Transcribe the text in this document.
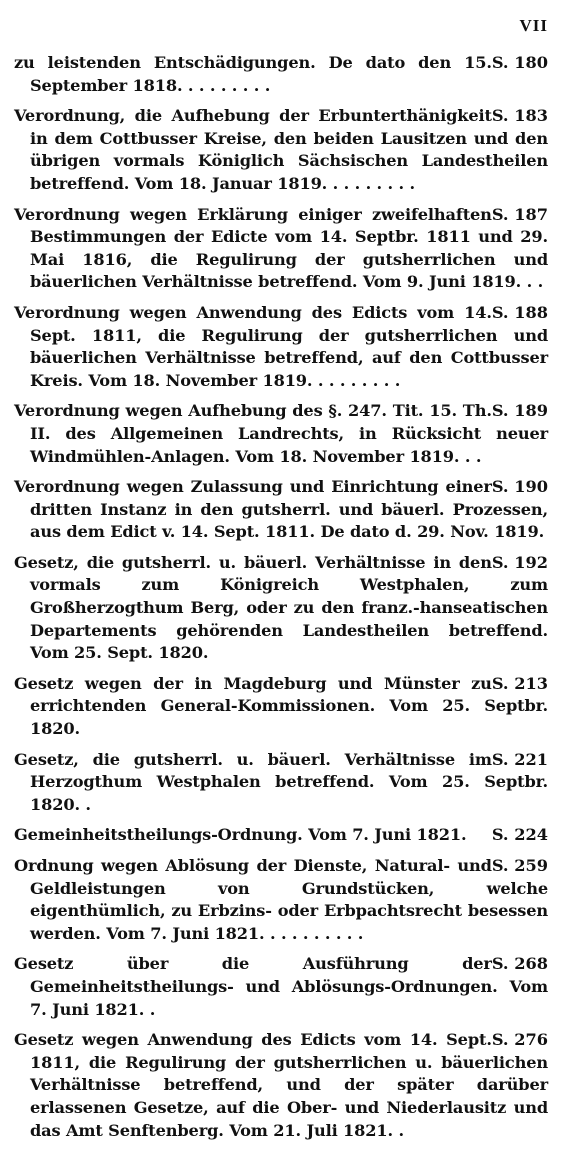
VII
S. 180
zu leistenden Entschädigungen. De dato den 15. September 1818. . . . . . . . .
S. 183
Verordnung, die Aufhebung der Erbunterthänigkeit in dem Cottbusser Kreise, den beiden Lausitzen und den übrigen vormals Königlich Sächsischen Landestheilen betreffend. Vom 18. Januar 1819. . . . . . . . .
S. 187
Verordnung wegen Erklärung einiger zweifelhaften Bestimmungen der Edicte vom 14. Septbr. 1811 und 29. Mai 1816, die Regulirung der gutsherrlichen und bäuerlichen Verhältnisse betreffend. Vom 9. Juni 1819. . .
S. 188
Verordnung wegen Anwendung des Edicts vom 14. Sept. 1811, die Regulirung der gutsherrlichen und bäuerlichen Verhältnisse betreffend, auf den Cottbusser Kreis. Vom 18. November 1819. . . . . . . . .
S. 189
Verordnung wegen Aufhebung des §. 247. Tit. 15. Th. II. des Allgemeinen Landrechts, in Rücksicht neuer Windmühlen-Anlagen. Vom 18. November 1819. . .
S. 190
Verordnung wegen Zulassung und Einrichtung einer dritten Instanz in den gutsherrl. und bäuerl. Prozessen, aus dem Edict v. 14. Sept. 1811. De dato d. 29. Nov. 1819.
S. 192
Gesetz, die gutsherrl. u. bäuerl. Verhältnisse in den vormals zum Königreich Westphalen, zum Großherzogthum Berg, oder zu den franz.-hanseatischen Departements gehörenden Landestheilen betreffend. Vom 25. Sept. 1820.
S. 213
Gesetz wegen der in Magdeburg und Münster zu errichtenden General-Kommissionen. Vom 25. Septbr. 1820.
S. 221
Gesetz, die gutsherrl. u. bäuerl. Verhältnisse im Herzogthum Westphalen betreffend. Vom 25. Septbr. 1820. .
S. 224
Gemeinheitstheilungs-Ordnung. Vom 7. Juni 1821.
S. 259
Ordnung wegen Ablösung der Dienste, Natural- und Geldleistungen von Grundstücken, welche eigenthümlich, zu Erbzins- oder Erbpachtsrecht besessen werden. Vom 7. Juni 1821. . . . . . . . . .
S. 268
Gesetz über die Ausführung der Gemeinheitstheilungs- und Ablösungs-Ordnungen. Vom 7. Juni 1821. .
S. 276
Gesetz wegen Anwendung des Edicts vom 14. Sept. 1811, die Regulirung der gutsherrlichen u. bäuerlichen Verhältnisse betreffend, und der später darüber erlassenen Gesetze, auf die Ober- und Niederlausitz und das Amt Senftenberg. Vom 21. Juli 1821. .
